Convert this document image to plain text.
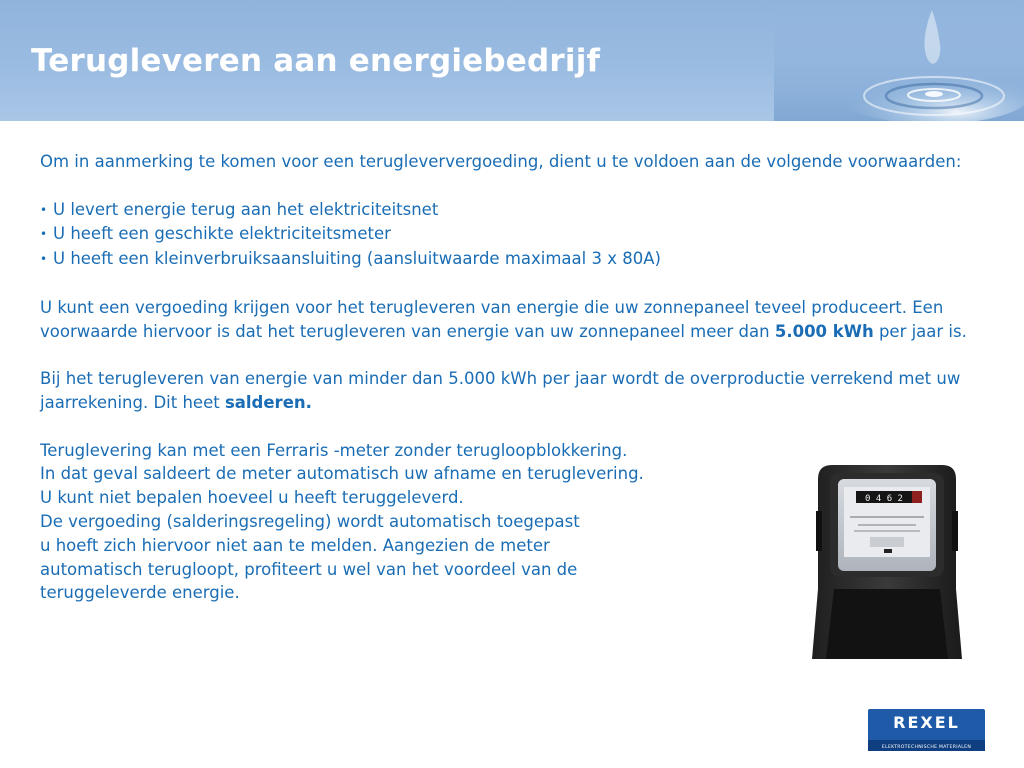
Terugleveren aan energiebedrijf

Om in aanmerking te komen voor een terugleververgoeding, dient u te voldoen aan de volgende voorwaarden:

• U levert energie terug aan het elektriciteitsnet
• U heeft een geschikte elektriciteitsmeter
• U heeft een kleinverbruiksaansluiting (aansluitwaarde maximaal 3 x 80A)

U kunt een vergoeding krijgen voor het terugleveren van energie die uw zonnepaneel teveel produceert. Een voorwaarde hiervoor is dat het terugleveren van energie van uw zonnepaneel meer dan 5.000 kWh per jaar is.

Bij het terugleveren van energie van minder dan 5.000 kWh per jaar wordt de overproductie verrekend met uw jaarrekening. Dit heet salderen.

Teruglevering kan met een Ferraris -meter zonder terugloopblokkering.
In dat geval saldeert de meter automatisch uw afname en teruglevering.
U kunt niet bepalen hoeveel u heeft teruggeleverd.
De vergoeding (salderingsregeling) wordt automatisch toegepast
u hoeft zich hiervoor niet aan te melden. Aangezien de meter
automatisch terugloopt, profiteert u wel van het voordeel van de
teruggeleverde energie.

0 4 6 2
REXEL
ELEKTROTECHNISCHE MATERIALEN
